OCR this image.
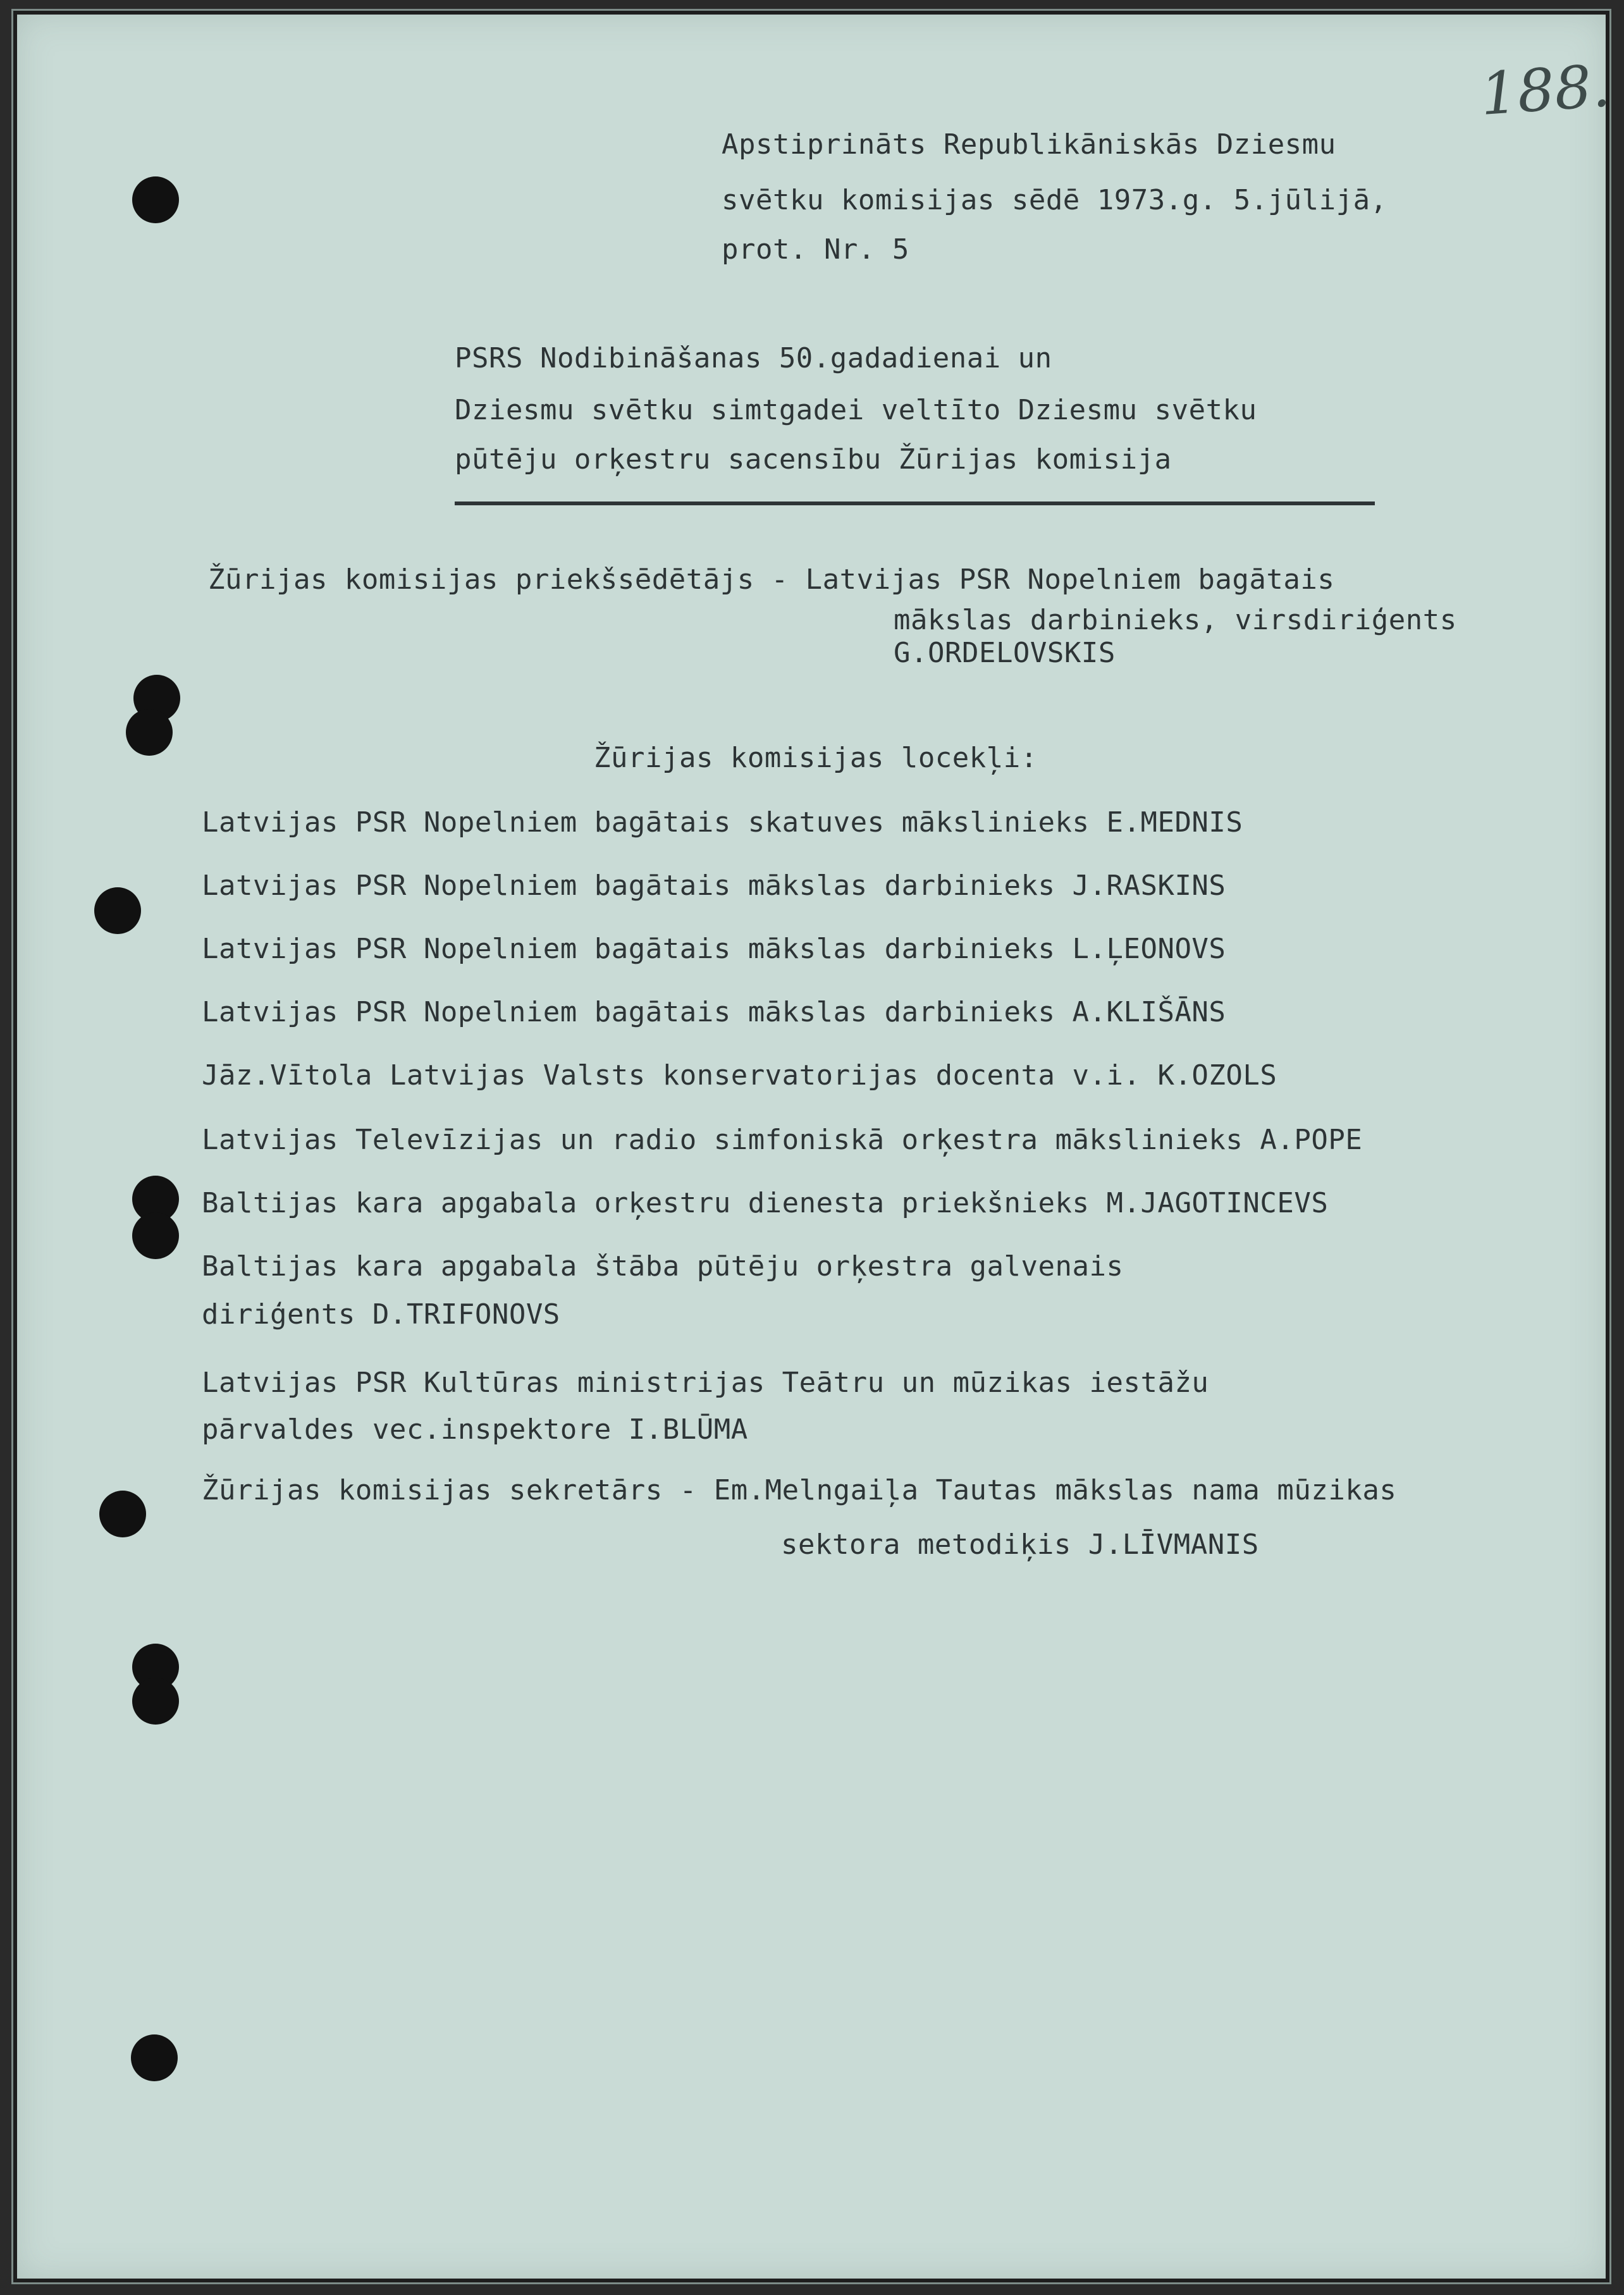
188.
Apstiprināts Republikāniskās Dziesmu
svētku komisijas sēdē 1973.g. 5.jūlijā,
prot. Nr. 5
PSRS Nodibināšanas 50.gadadienai un
Dziesmu svētku simtgadei veltīto Dziesmu svētku
pūtēju orķestru sacensību Žūrijas komisija
Žūrijas komisijas priekšsēdētājs - Latvijas PSR Nopelniem bagātais
mākslas darbinieks, virsdiriģents
G.ORDELOVSKIS
Žūrijas komisijas locekļi:
Latvijas PSR Nopelniem bagātais skatuves mākslinieks E.MEDNIS
Latvijas PSR Nopelniem bagātais mākslas darbinieks J.RASKINS
Latvijas PSR Nopelniem bagātais mākslas darbinieks L.ĻEONOVS
Latvijas PSR Nopelniem bagātais mākslas darbinieks A.KLIŠĀNS
Jāz.Vītola Latvijas Valsts konservatorijas docenta v.i. K.OZOLS
Latvijas Televīzijas un radio simfoniskā orķestra mākslinieks A.POPE
Baltijas kara apgabala orķestru dienesta priekšnieks M.JAGOTINCEVS
Baltijas kara apgabala štāba pūtēju orķestra galvenais
diriģents D.TRIFONOVS
Latvijas PSR Kultūras ministrijas Teātru un mūzikas iestāžu
pārvaldes vec.inspektore I.BLŪMA
Žūrijas komisijas sekretārs - Em.Melngaiļa Tautas mākslas nama mūzikas
sektora metodiķis J.LĪVMANIS
